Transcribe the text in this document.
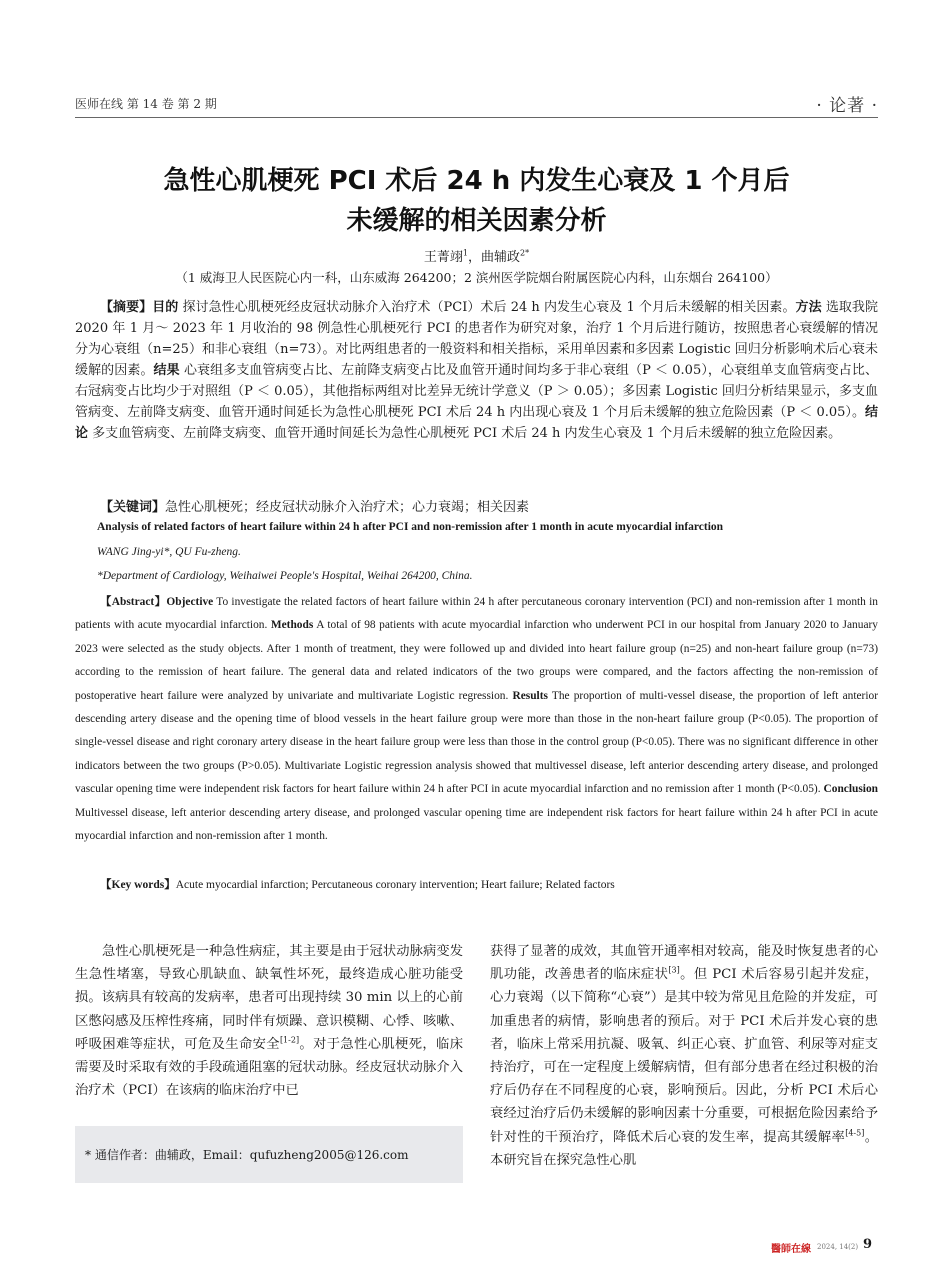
医师在线 第 14 卷 第 2 期	· 论著 ·
急性心肌梗死 PCI 术后 24 h 内发生心衰及 1 个月后
未缓解的相关因素分析
王菁翊$^1$，曲辅政$^{2*}$
（1 威海卫人民医院心内一科，山东威海 264200；2 滨州医学院烟台附属医院心内科，山东烟台 264100）
【摘要】目的 探讨急性心肌梗死经皮冠状动脉介入治疗术（PCI）术后 24 h 内发生心衰及 1 个月后未缓解的相关因素。方法 选取我院 2020 年 1 月～ 2023 年 1 月收治的 98 例急性心肌梗死行 PCI 的患者作为研究对象，治疗 1 个月后进行随访，按照患者心衰缓解的情况分为心衰组（n=25）和非心衰组（n=73）。对比两组患者的一般资料和相关指标，采用单因素和多因素 Logistic 回归分析影响术后心衰未缓解的因素。结果 心衰组多支血管病变占比、左前降支病变占比及血管开通时间均多于非心衰组（P ＜ 0.05），心衰组单支血管病变占比、右冠病变占比均少于对照组（P ＜ 0.05），其他指标两组对比差异无统计学意义（P ＞ 0.05）；多因素 Logistic 回归分析结果显示，多支血管病变、左前降支病变、血管开通时间延长为急性心肌梗死 PCI 术后 24 h 内出现心衰及 1 个月后未缓解的独立危险因素（P ＜ 0.05）。结论 多支血管病变、左前降支病变、血管开通时间延长为急性心肌梗死 PCI 术后 24 h 内发生心衰及 1 个月后未缓解的独立危险因素。
【关键词】急性心肌梗死；经皮冠状动脉介入治疗术；心力衰竭；相关因素
Analysis of related factors of heart failure within 24 h after PCI and non-remission after 1 month in acute myocardial infarction
WANG Jing-yi*, QU Fu-zheng.
*Department of Cardiology, Weihaiwei People's Hospital, Weihai 264200, China.
【Abstract】Objective To investigate the related factors of heart failure within 24 h after percutaneous coronary intervention (PCI) and non-remission after 1 month in patients with acute myocardial infarction. Methods A total of 98 patients with acute myocardial infarction who underwent PCI in our hospital from January 2020 to January 2023 were selected as the study objects. After 1 month of treatment, they were followed up and divided into heart failure group (n=25) and non-heart failure group (n=73) according to the remission of heart failure. The general data and related indicators of the two groups were compared, and the factors affecting the non-remission of postoperative heart failure were analyzed by univariate and multivariate Logistic regression. Results The proportion of multi-vessel disease, the proportion of left anterior descending artery disease and the opening time of blood vessels in the heart failure group were more than those in the non-heart failure group (P<0.05). The proportion of single-vessel disease and right coronary artery disease in the heart failure group were less than those in the control group (P<0.05). There was no significant difference in other indicators between the two groups (P>0.05). Multivariate Logistic regression analysis showed that multivessel disease, left anterior descending artery disease, and prolonged vascular opening time were independent risk factors for heart failure within 24 h after PCI in acute myocardial infarction and no remission after 1 month (P<0.05). Conclusion Multivessel disease, left anterior descending artery disease, and prolonged vascular opening time are independent risk factors for heart failure within 24 h after PCI in acute myocardial infarction and non-remission after 1 month.
【Key words】Acute myocardial infarction; Percutaneous coronary intervention; Heart failure; Related factors
急性心肌梗死是一种急性病症，其主要是由于冠状动脉病变发生急性堵塞，导致心肌缺血、缺氧性坏死，最终造成心脏功能受损。该病具有较高的发病率，患者可出现持续 30 min 以上的心前区憋闷感及压榨性疼痛，同时伴有烦躁、意识模糊、心悸、咳嗽、呼吸困难等症状，可危及生命安全[1-2]。对于急性心肌梗死，临床需要及时采取有效的手段疏通阻塞的冠状动脉。经皮冠状动脉介入治疗术（PCI）在该病的临床治疗中已
获得了显著的成效，其血管开通率相对较高，能及时恢复患者的心肌功能，改善患者的临床症状[3]。但 PCI 术后容易引起并发症，心力衰竭（以下简称“心衰”）是其中较为常见且危险的并发症，可加重患者的病情，影响患者的预后。对于 PCI 术后并发心衰的患者，临床上常采用抗凝、吸氧、纠正心衰、扩血管、利尿等对症支持治疗，可在一定程度上缓解病情，但有部分患者在经过积极的治疗后仍存在不同程度的心衰，影响预后。因此，分析 PCI 术后心衰经过治疗后仍未缓解的影响因素十分重要，可根据危险因素给予针对性的干预治疗，降低术后心衰的发生率，提高其缓解率[4-5]。本研究旨在探究急性心肌
* 通信作者：曲辅政，Email：qufuzheng2005@126.com
醫師在線 2024, 14(2) 9
